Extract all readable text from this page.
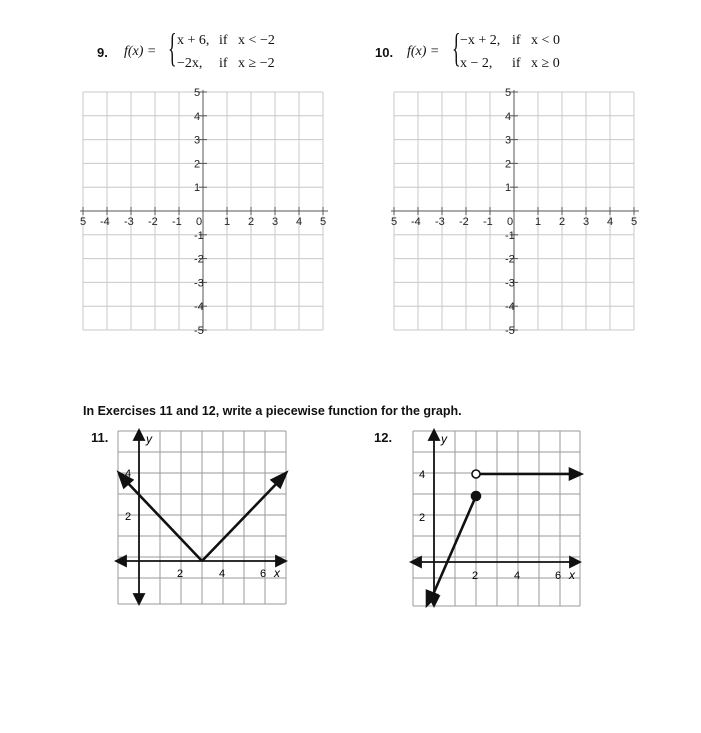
9. f(x) = { x + 6, if   x < −2
−2x, if   x ≥ −2
10. f(x) = { −x + 2, if   x < 0
x − 2, if   x ≥ 0
5 -4 -3 -2 -1 0 1 2 3 4 5
5
4
3
2
1
-1
-2
-3
-4
-5
5 -4 -3 -2 -1 0 1 2 3 4 5
5
4
3
2
1
-1
-2
-3
-4
-5
In Exercises 11 and 12, write a piecewise function for the graph.
11.	y
x
4
2
2	4	6
12.	y
x
4
2
2	4	6
